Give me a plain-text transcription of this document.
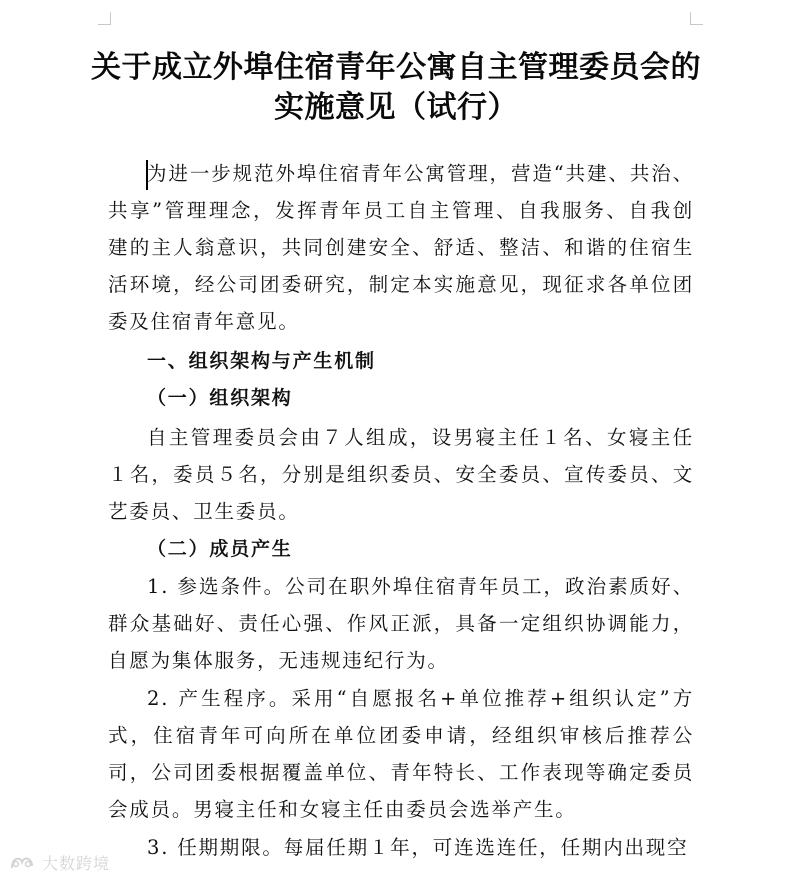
关于成立外埠住宿青年公寓自主管理委员会的
实施意见（试行）

为进一步规范外埠住宿青年公寓管理，营造“共建、共治、共享”管理理念，发挥青年员工自主管理、自我服务、自我创建的主人翁意识，共同创建安全、舒适、整洁、和谐的住宿生活环境，经公司团委研究，制定本实施意见，现征求各单位团委及住宿青年意见。

一、组织架构与产生机制

（一）组织架构

自主管理委员会由７人组成，设男寝主任１名、女寝主任１名，委员５名，分别是组织委员、安全委员、宣传委员、文艺委员、卫生委员。

（二）成员产生

1. 参选条件。公司在职外埠住宿青年员工，政治素质好、群众基础好、责任心强、作风正派，具备一定组织协调能力，自愿为集体服务，无违规违纪行为。

2. 产生程序。采用“自愿报名+单位推荐+组织认定”方式，住宿青年可向所在单位团委申请，经组织审核后推荐公司，公司团委根据覆盖单位、青年特长、工作表现等确定委员会成员。男寝主任和女寝主任由委员会选举产生。

3. 任期期限。每届任期１年，可连选连任，任期内出现空

大数跨境
